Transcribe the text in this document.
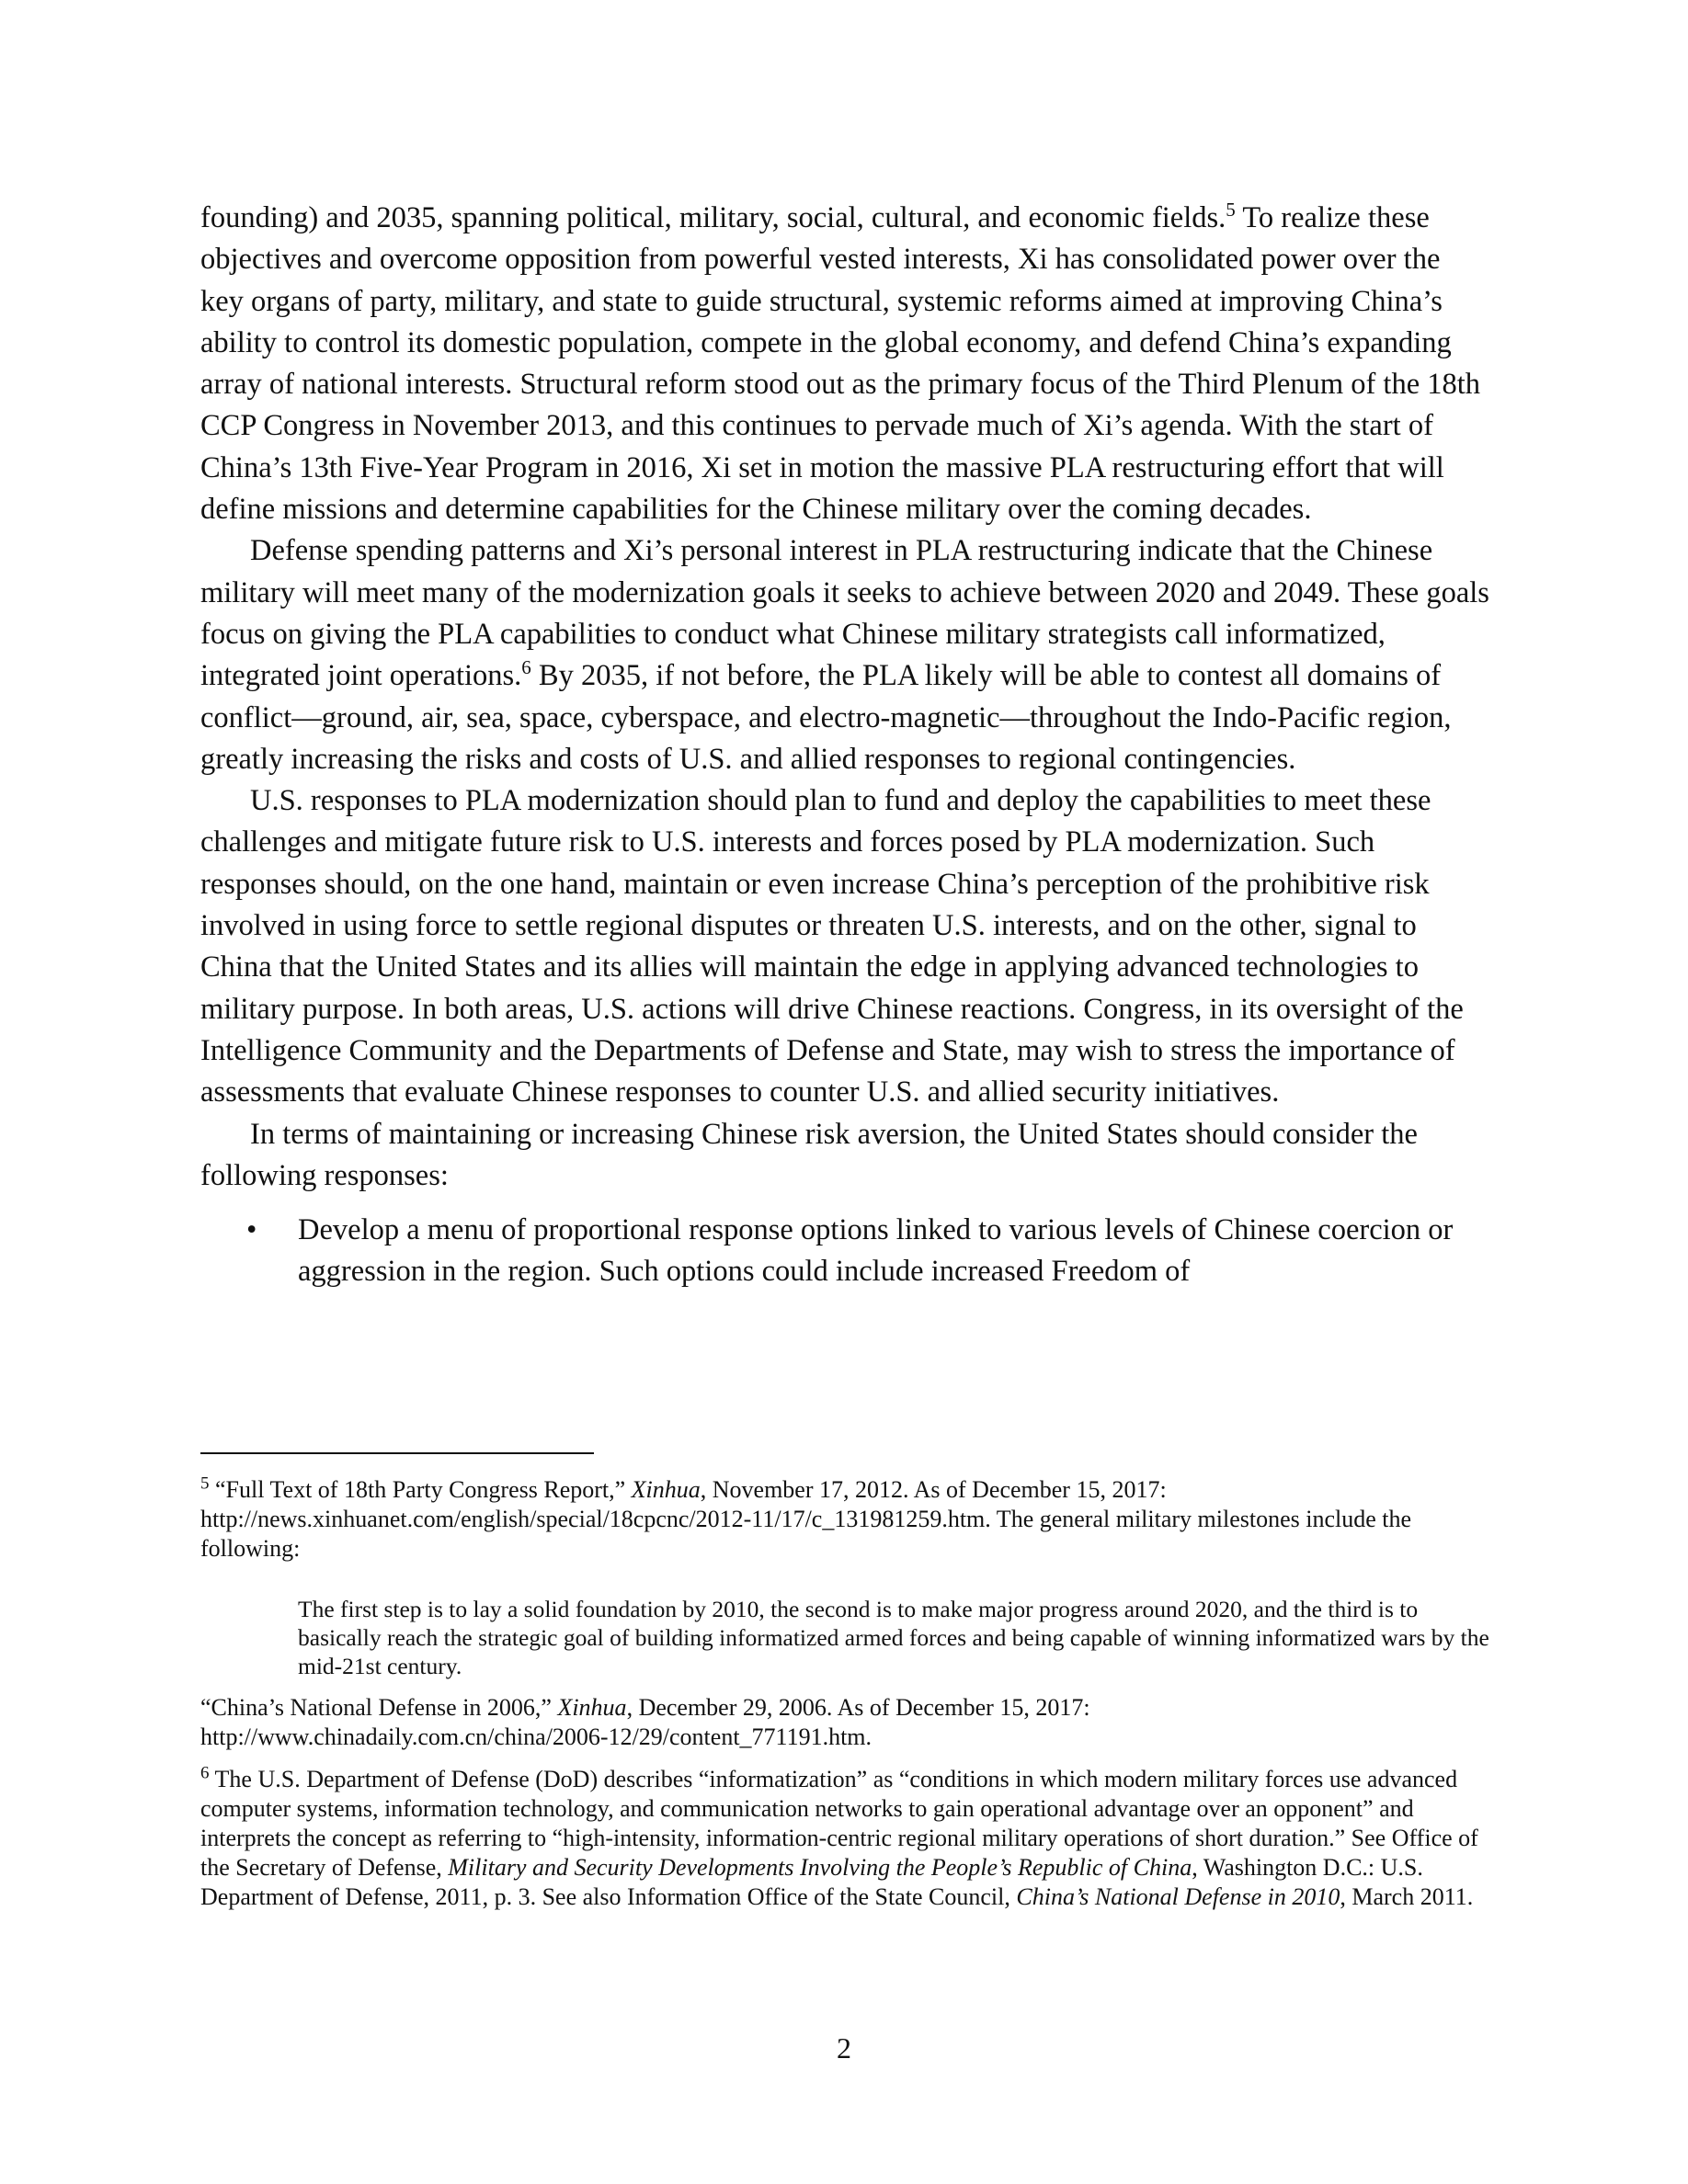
founding) and 2035, spanning political, military, social, cultural, and economic fields.$^5$ To realize these objectives and overcome opposition from powerful vested interests, Xi has consolidated power over the key organs of party, military, and state to guide structural, systemic reforms aimed at improving China’s ability to control its domestic population, compete in the global economy, and defend China’s expanding array of national interests. Structural reform stood out as the primary focus of the Third Plenum of the 18th CCP Congress in November 2013, and this continues to pervade much of Xi’s agenda. With the start of China’s 13th Five-Year Program in 2016, Xi set in motion the massive PLA restructuring effort that will define missions and determine capabilities for the Chinese military over the coming decades.

Defense spending patterns and Xi’s personal interest in PLA restructuring indicate that the Chinese military will meet many of the modernization goals it seeks to achieve between 2020 and 2049. These goals focus on giving the PLA capabilities to conduct what Chinese military strategists call informatized, integrated joint operations.$^6$ By 2035, if not before, the PLA likely will be able to contest all domains of conflict—ground, air, sea, space, cyberspace, and electro-magnetic—throughout the Indo-Pacific region, greatly increasing the risks and costs of U.S. and allied responses to regional contingencies.

U.S. responses to PLA modernization should plan to fund and deploy the capabilities to meet these challenges and mitigate future risk to U.S. interests and forces posed by PLA modernization. Such responses should, on the one hand, maintain or even increase China’s perception of the prohibitive risk involved in using force to settle regional disputes or threaten U.S. interests, and on the other, signal to China that the United States and its allies will maintain the edge in applying advanced technologies to military purpose. In both areas, U.S. actions will drive Chinese reactions. Congress, in its oversight of the Intelligence Community and the Departments of Defense and State, may wish to stress the importance of assessments that evaluate Chinese responses to counter U.S. and allied security initiatives.

In terms of maintaining or increasing Chinese risk aversion, the United States should consider the following responses:

• Develop a menu of proportional response options linked to various levels of Chinese coercion or aggression in the region. Such options could include increased Freedom of

$^5$ “Full Text of 18th Party Congress Report,” Xinhua, November 17, 2012. As of December 15, 2017: http://news.xinhuanet.com/english/special/18cpcnc/2012-11/17/c_131981259.htm. The general military milestones include the following:

The first step is to lay a solid foundation by 2010, the second is to make major progress around 2020, and the third is to basically reach the strategic goal of building informatized armed forces and being capable of winning informatized wars by the mid-21st century.

“China’s National Defense in 2006,” Xinhua, December 29, 2006. As of December 15, 2017: http://www.chinadaily.com.cn/china/2006-12/29/content_771191.htm.

$^6$ The U.S. Department of Defense (DoD) describes “informatization” as “conditions in which modern military forces use advanced computer systems, information technology, and communication networks to gain operational advantage over an opponent” and interprets the concept as referring to “high-intensity, information-centric regional military operations of short duration.” See Office of the Secretary of Defense, Military and Security Developments Involving the People’s Republic of China, Washington D.C.: U.S. Department of Defense, 2011, p. 3. See also Information Office of the State Council, China’s National Defense in 2010, March 2011.

2
